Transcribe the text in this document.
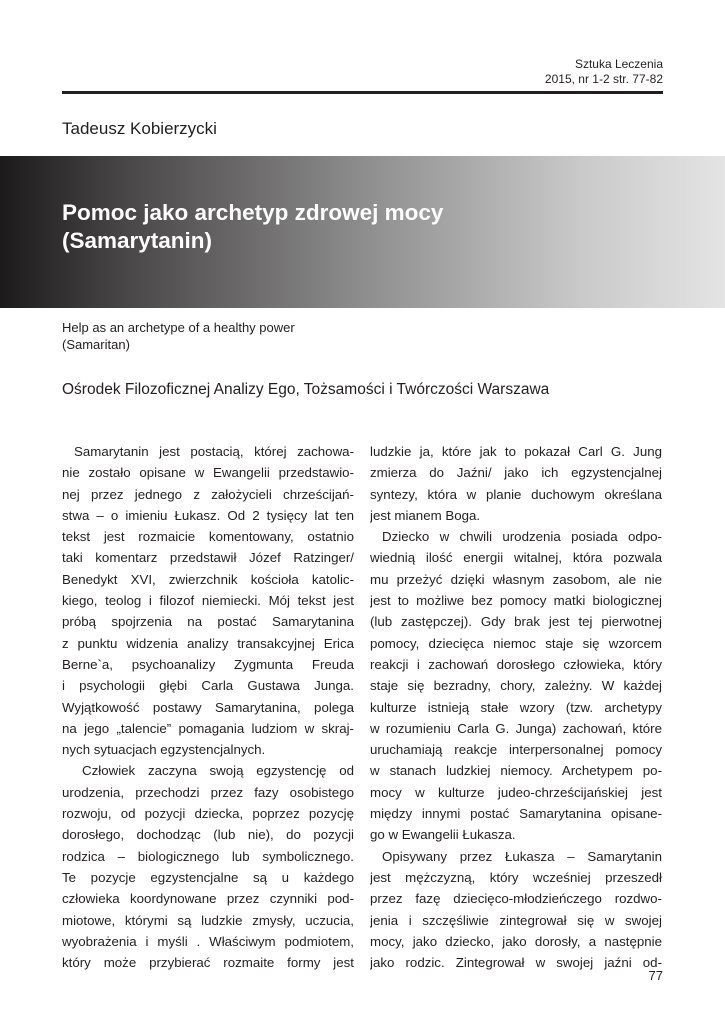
Sztuka Leczenia
2015, nr 1-2 str. 77-82
Tadeusz Kobierzycki
Pomoc jako archetyp zdrowej mocy
(Samarytanin)
Help as an archetype of a healthy power
(Samaritan)
Ośrodek Filozoficznej Analizy Ego, Tożsamości i Twórczości Warszawa
Samarytanin jest postacią, której zachowa-
nie zostało opisane w Ewangelii przedstawio-
nej przez jednego z założycieli chrześcijań-
stwa – o imieniu Łukasz. Od 2 tysięcy lat ten
tekst jest rozmaicie komentowany, ostatnio
taki komentarz przedstawił Józef Ratzinger/
Benedykt XVI, zwierzchnik kościoła katolic-
kiego, teolog i filozof niemiecki. Mój tekst jest
próbą spojrzenia na postać Samarytanina
z punktu widzenia analizy transakcyjnej Erica
Berne`a, psychoanalizy Zygmunta Freuda
i psychologii głębi Carla Gustawa Junga.
Wyjątkowość postawy Samarytanina, polega
na jego „talencie” pomagania ludziom w skraj-
nych sytuacjach egzystencjalnych.
Człowiek zaczyna swoją egzystencję od
urodzenia, przechodzi przez fazy osobistego
rozwoju, od pozycji dziecka, poprzez pozycję
dorosłego, dochodząc (lub nie), do pozycji
rodzica – biologicznego lub symbolicznego.
Te pozycje egzystencjalne są u każdego
człowieka koordynowane przez czynniki pod-
miotowe, którymi są ludzkie zmysły, uczucia,
wyobrażenia i myśli . Właściwym podmiotem,
który może przybierać rozmaite formy jest
ludzkie ja, które jak to pokazał Carl G. Jung
zmierza do Jaźni/ jako ich egzystencjalnej
syntezy, która w planie duchowym określana
jest mianem Boga.
Dziecko w chwili urodzenia posiada odpo-
wiednią ilość energii witalnej, która pozwala
mu przeżyć dzięki własnym zasobom, ale nie
jest to możliwe bez pomocy matki biologicznej
(lub zastępczej). Gdy brak jest tej pierwotnej
pomocy, dziecięca niemoc staje się wzorcem
reakcji i zachowań dorosłego człowieka, który
staje się bezradny, chory, zależny. W każdej
kulturze istnieją stałe wzory (tzw. archetypy
w rozumieniu Carla G. Junga) zachowań, które
uruchamiają reakcje interpersonalnej pomocy
w stanach ludzkiej niemocy. Archetypem po-
mocy w kulturze judeo-chrześcijańskiej jest
między innymi postać Samarytanina opisane-
go w Ewangelii Łukasza.
Opisywany przez Łukasza – Samarytanin
jest mężczyzną, który wcześniej przeszedł
przez fazę dziecięco-młodzieńczego rozdwo-
jenia i szczęśliwie zintegrował się w swojej
mocy, jako dziecko, jako dorosły, a następnie
jako rodzic. Zintegrował w swojej jaźni od-
77
